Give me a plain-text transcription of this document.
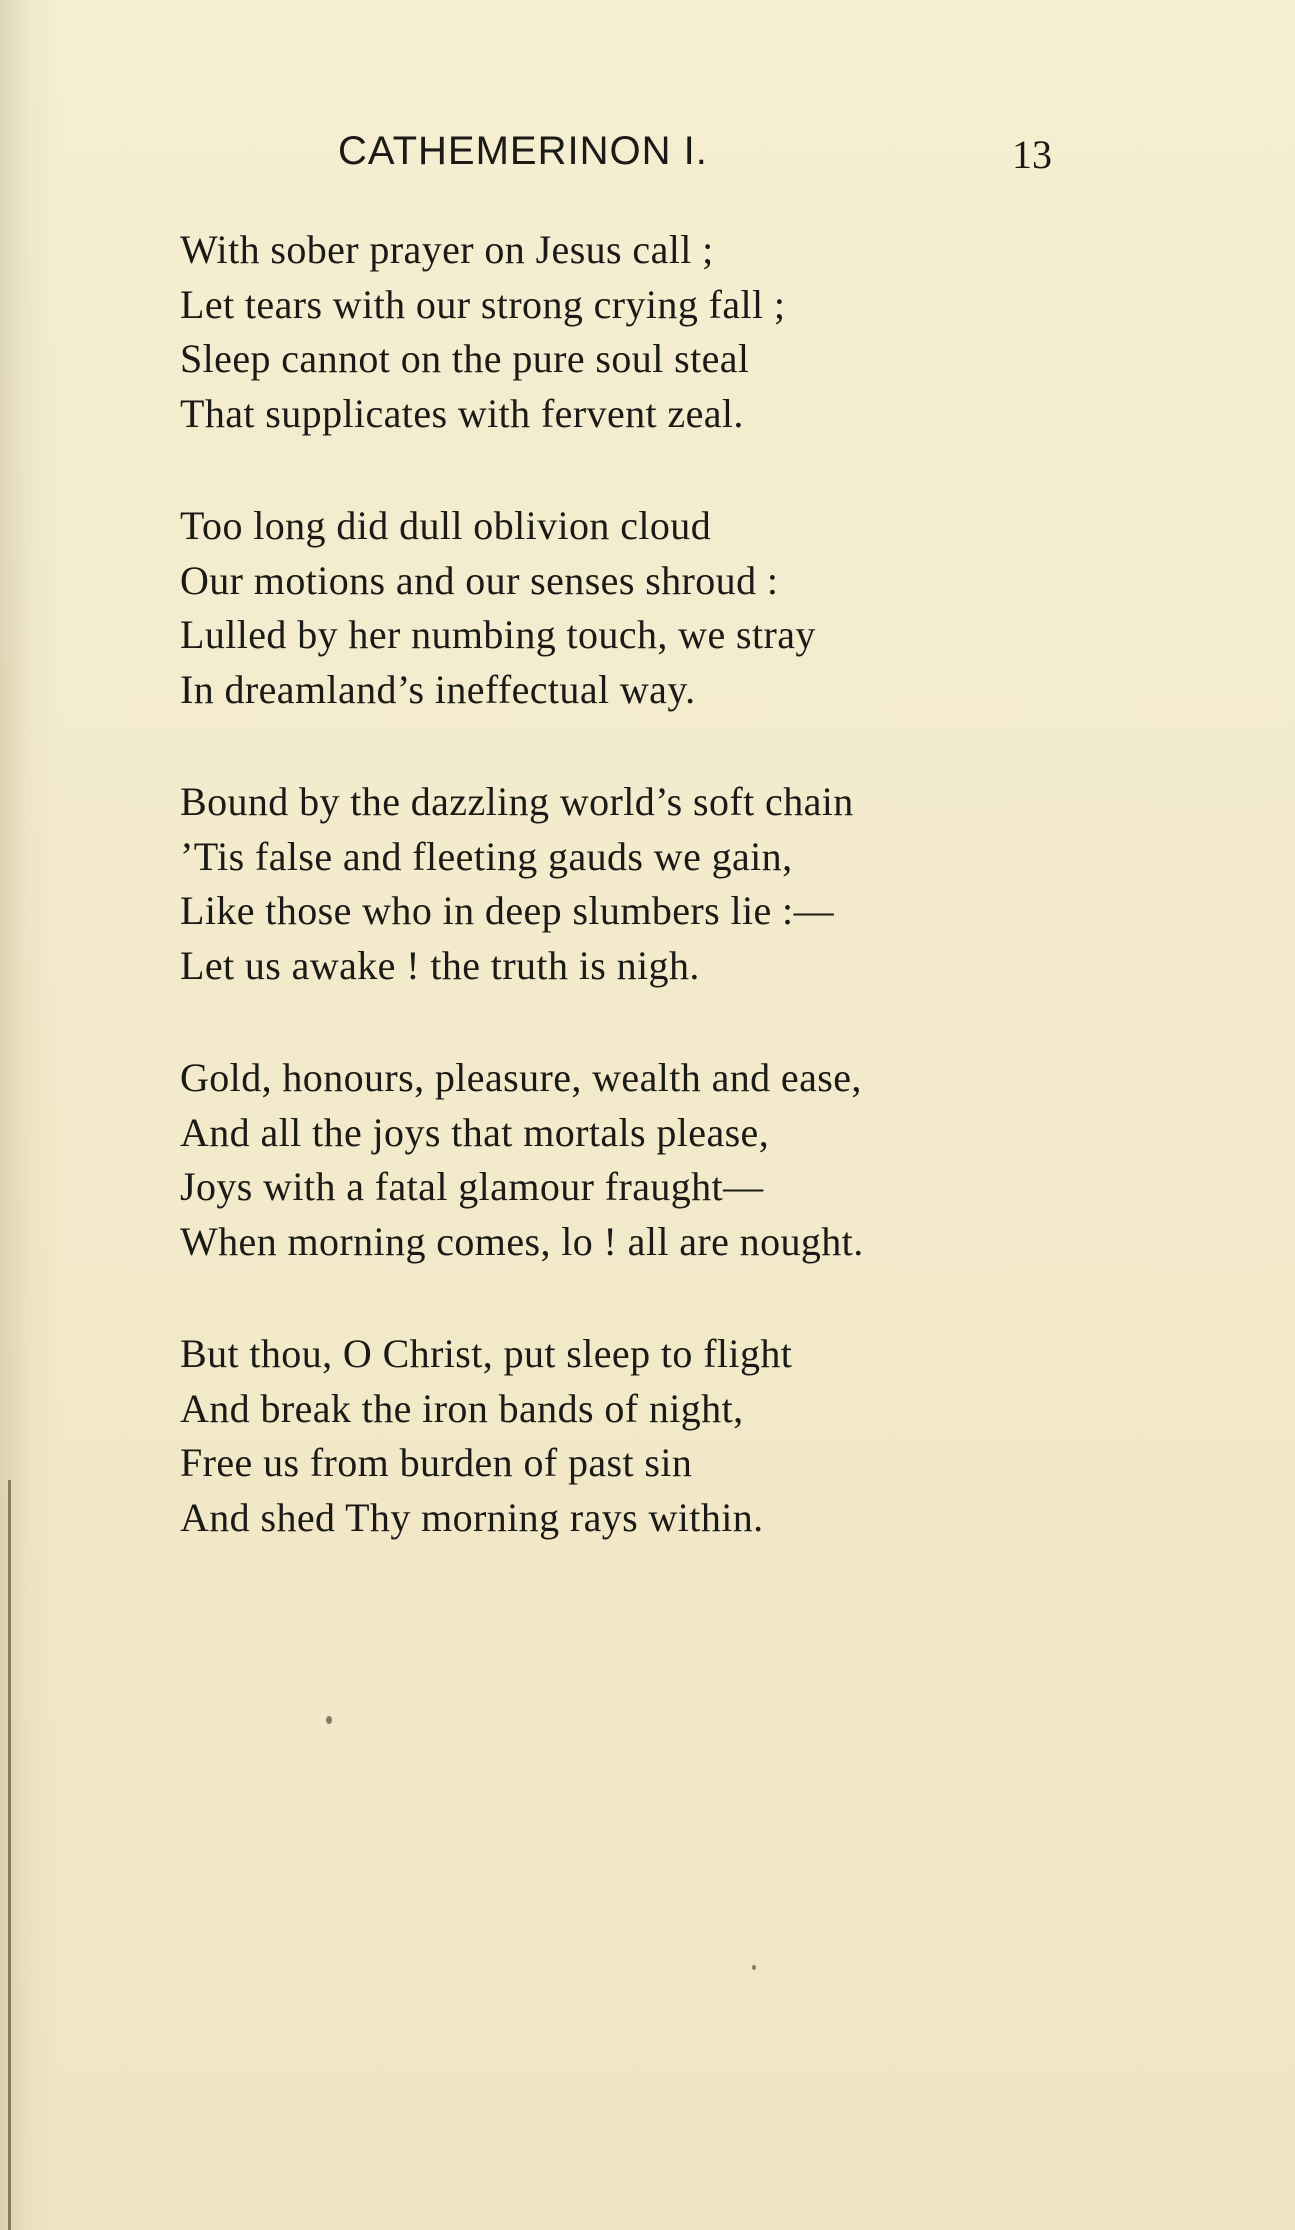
CATHEMERINON I.	13
With sober prayer on Jesus call ;
Let tears with our strong crying fall ;
Sleep cannot on the pure soul steal
That supplicates with fervent zeal.
Too long did dull oblivion cloud
Our motions and our senses shroud :
Lulled by her numbing touch, we stray
In dreamland’s ineffectual way.
Bound by the dazzling world’s soft chain
’Tis false and fleeting gauds we gain,
Like those who in deep slumbers lie :—
Let us awake ! the truth is nigh.
Gold, honours, pleasure, wealth and ease,
And all the joys that mortals please,
Joys with a fatal glamour fraught—
When morning comes, lo ! all are nought.
But thou, O Christ, put sleep to flight
And break the iron bands of night,
Free us from burden of past sin
And shed Thy morning rays within.
